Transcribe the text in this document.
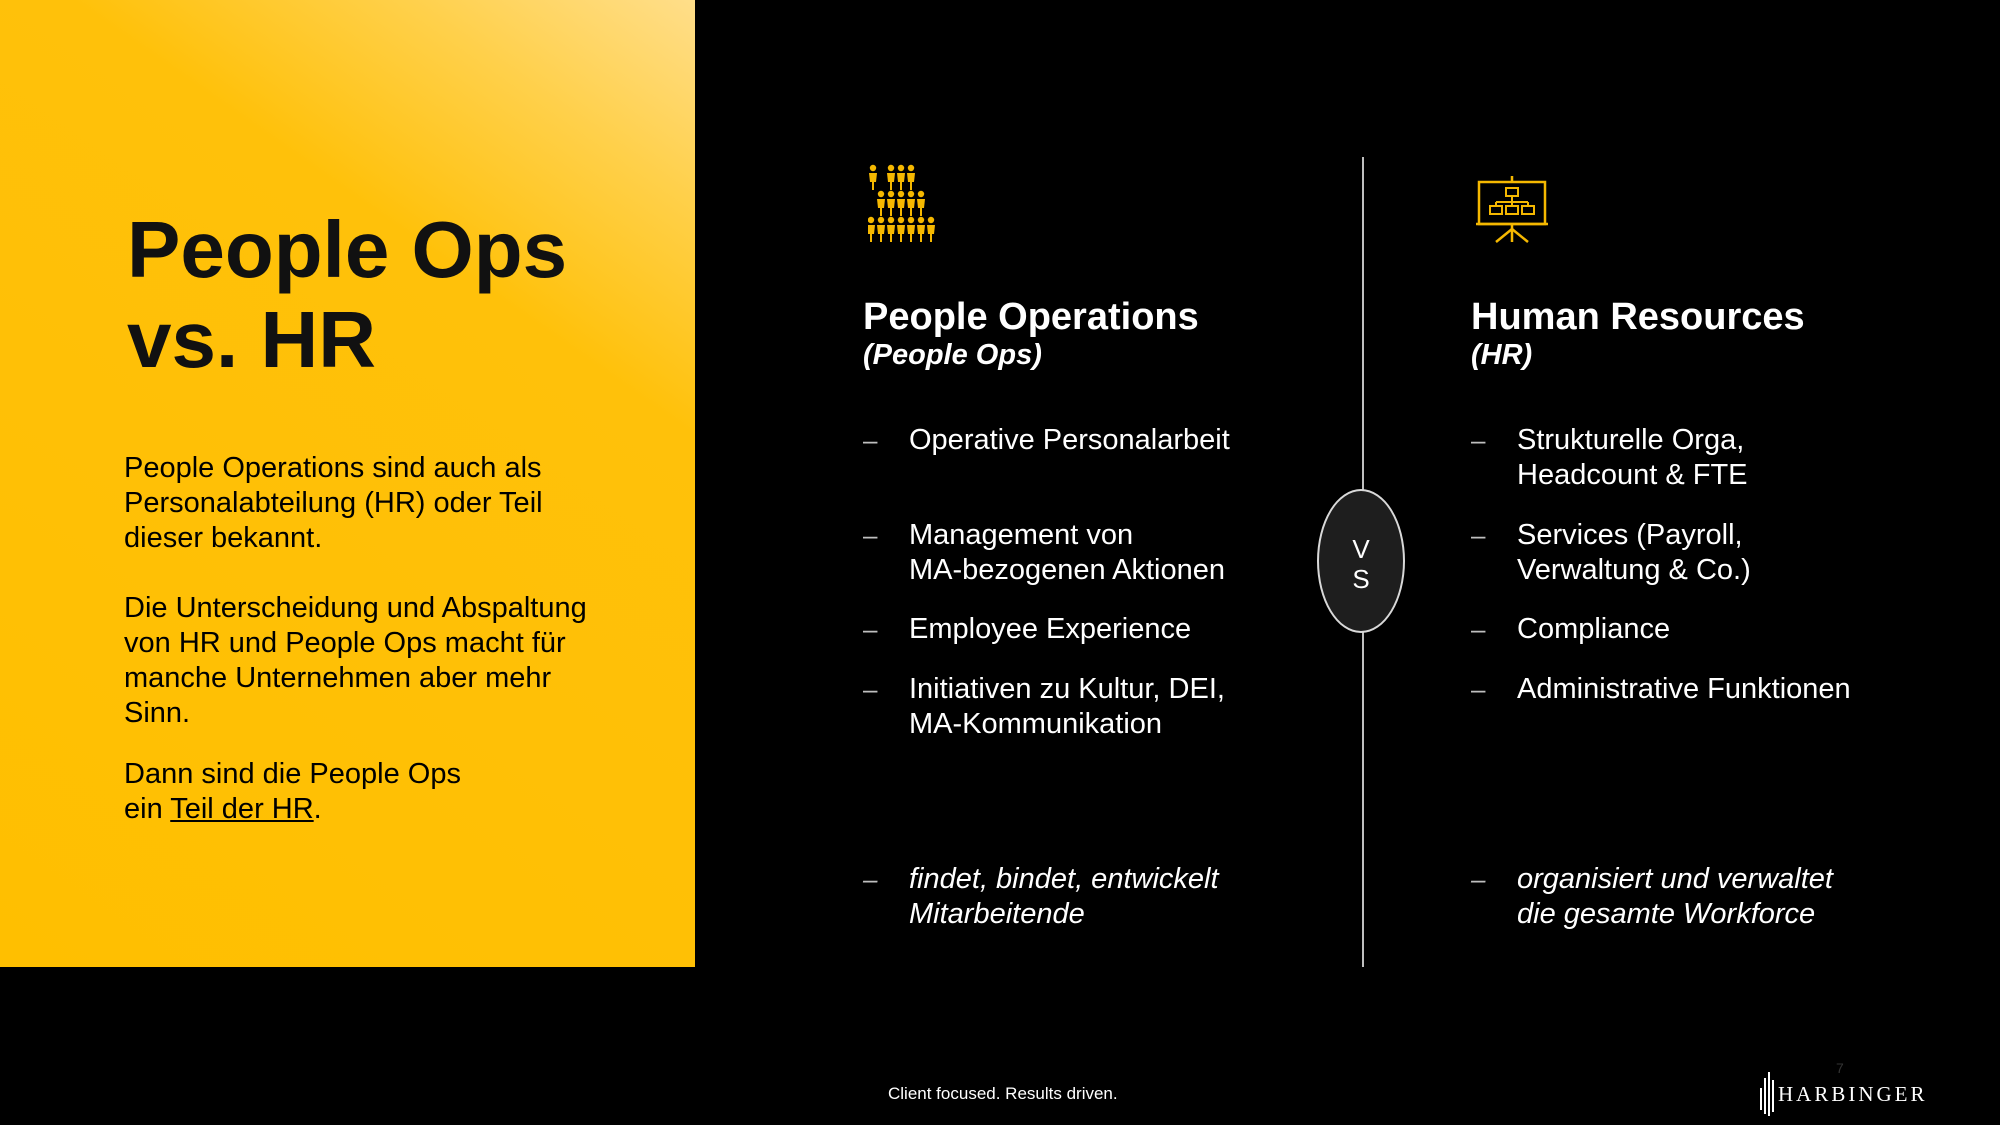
People Ops
vs. HR

People Operations sind auch als Personalabteilung (HR) oder Teil dieser bekannt.

Die Unterscheidung und Abspaltung von HR und People Ops macht für manche Unternehmen aber mehr Sinn.

Dann sind die People Ops
ein Teil der HR.

People Operations
(People Ops)
– Operative Personalarbeit
– Management von
MA-bezogenen Aktionen
– Employee Experience
– Initiativen zu Kultur, DEI,
MA-Kommunikation
– findet, bindet, entwickelt
Mitarbeitende
V
S
Human Resources
(HR)
– Strukturelle Orga,
Headcount & FTE
– Services (Payroll,
Verwaltung & Co.)
– Compliance
– Administrative Funktionen
– organisiert und verwaltet
die gesamte Workforce
Client focused. Results driven.
7
HARBINGER
